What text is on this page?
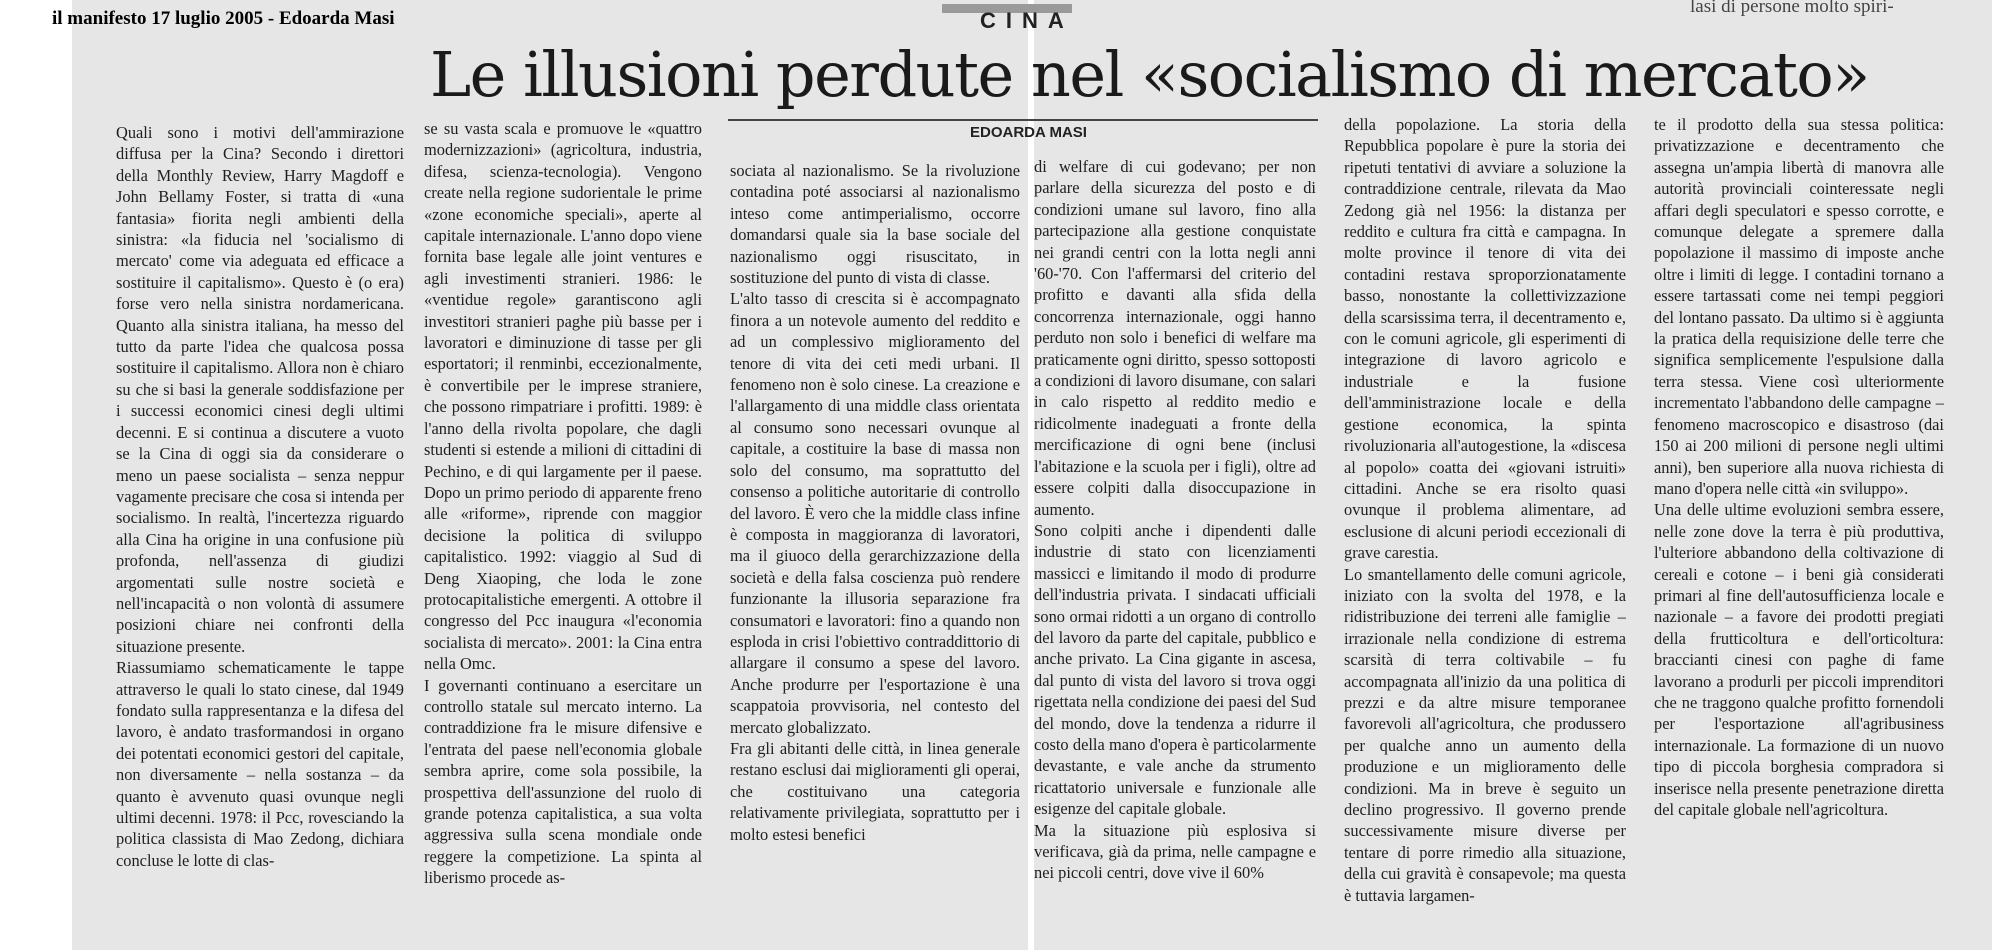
il manifesto 17 luglio 2005 - Edoarda Masi	CINA
lasi di persone molto spiri-
Le illusioni perdute nel «socialismo di mercato»
EDOARDA MASI
Quali sono i motivi dell'ammirazione diffusa per la Cina? Secondo i direttori della Monthly Review, Harry Magdoff e John Bellamy Foster, si tratta di «una fantasia» fiorita negli ambienti della sinistra: «la fiducia nel 'socialismo di mercato' come via adeguata ed efficace a sostituire il capitalismo». Questo è (o era) forse vero nella sinistra nordamericana. Quanto alla sinistra italiana, ha messo del tutto da parte l'idea che qualcosa possa sostituire il capitalismo. Allora non è chiaro su che si basi la generale soddisfazione per i successi economici cinesi degli ultimi decenni. E si continua a discutere a vuoto se la Cina di oggi sia da considerare o meno un paese socialista – senza neppur vagamente precisare che cosa si intenda per socialismo. In realtà, l'incertezza riguardo alla Cina ha origine in una confusione più profonda, nell'assenza di giudizi argomentati sulle nostre società e nell'incapacità o non volontà di assumere posizioni chiare nei confronti della situazione presente.
Riassumiamo schematicamente le tappe attraverso le quali lo stato cinese, dal 1949 fondato sulla rappresentanza e la difesa del lavoro, è andato trasformandosi in organo dei potentati economici gestori del capitale, non diversamente – nella sostanza – da quanto è avvenuto quasi ovunque negli ultimi decenni. 1978: il Pcc, rovesciando la politica classista di Mao Zedong, dichiara concluse le lotte di clas-
se su vasta scala e promuove le «quattro modernizzazioni» (agricoltura, industria, difesa, scienza-tecnologia). Vengono create nella regione sudorientale le prime «zone economiche speciali», aperte al capitale internazionale. L'anno dopo viene fornita base legale alle joint ventures e agli investimenti stranieri. 1986: le «ventidue regole» garantiscono agli investitori stranieri paghe più basse per i lavoratori e diminuzione di tasse per gli esportatori; il renminbi, eccezionalmente, è convertibile per le imprese straniere, che possono rimpatriare i profitti. 1989: è l'anno della rivolta popolare, che dagli studenti si estende a milioni di cittadini di Pechino, e di qui largamente per il paese. Dopo un primo periodo di apparente freno alle «riforme», riprende con maggior decisione la politica di sviluppo capitalistico. 1992: viaggio al Sud di Deng Xiaoping, che loda le zone protocapitalistiche emergenti. A ottobre il congresso del Pcc inaugura «l'economia socialista di mercato». 2001: la Cina entra nella Omc.
I governanti continuano a esercitare un controllo statale sul mercato interno. La contraddizione fra le misure difensive e l'entrata del paese nell'economia globale sembra aprire, come sola possibile, la prospettiva dell'assunzione del ruolo di grande potenza capitalistica, a sua volta aggressiva sulla scena mondiale onde reggere la competizione. La spinta al liberismo procede as-
sociata al nazionalismo. Se la rivoluzione contadina poté associarsi al nazionalismo inteso come antimperialismo, occorre domandarsi quale sia la base sociale del nazionalismo oggi risuscitato, in sostituzione del punto di vista di classe.
L'alto tasso di crescita si è accompagnato finora a un notevole aumento del reddito e ad un complessivo miglioramento del tenore di vita dei ceti medi urbani. Il fenomeno non è solo cinese. La creazione e l'allargamento di una middle class orientata al consumo sono necessari ovunque al capitale, a costituire la base di massa non solo del consumo, ma soprattutto del consenso a politiche autoritarie di controllo del lavoro. È vero che la middle class infine è composta in maggioranza di lavoratori, ma il giuoco della gerarchizzazione della società e della falsa coscienza può rendere funzionante la illusoria separazione fra consumatori e lavoratori: fino a quando non esploda in crisi l'obiettivo contraddittorio di allargare il consumo a spese del lavoro. Anche produrre per l'esportazione è una scappatoia provvisoria, nel contesto del mercato globalizzato.
Fra gli abitanti delle città, in linea generale restano esclusi dai miglioramenti gli operai, che costituivano una categoria relativamente privilegiata, soprattutto per i molto estesi benefici
di welfare di cui godevano; per non parlare della sicurezza del posto e di condizioni umane sul lavoro, fino alla partecipazione alla gestione conquistate nei grandi centri con la lotta negli anni '60-'70. Con l'affermarsi del criterio del profitto e davanti alla sfida della concorrenza internazionale, oggi hanno perduto non solo i benefici di welfare ma praticamente ogni diritto, spesso sottoposti a condizioni di lavoro disumane, con salari in calo rispetto al reddito medio e ridicolmente inadeguati a fronte della mercificazione di ogni bene (inclusi l'abitazione e la scuola per i figli), oltre ad essere colpiti dalla disoccupazione in aumento.
Sono colpiti anche i dipendenti dalle industrie di stato con licenziamenti massicci e limitando il modo di produrre dell'industria privata. I sindacati ufficiali sono ormai ridotti a un organo di controllo del lavoro da parte del capitale, pubblico e anche privato. La Cina gigante in ascesa, dal punto di vista del lavoro si trova oggi rigettata nella condizione dei paesi del Sud del mondo, dove la tendenza a ridurre il costo della mano d'opera è particolarmente devastante, e vale anche da strumento ricattatorio universale e funzionale alle esigenze del capitale globale.
Ma la situazione più esplosiva si verificava, già da prima, nelle campagne e nei piccoli centri, dove vive il 60%
della popolazione. La storia della Repubblica popolare è pure la storia dei ripetuti tentativi di avviare a soluzione la contraddizione centrale, rilevata da Mao Zedong già nel 1956: la distanza per reddito e cultura fra città e campagna. In molte province il tenore di vita dei contadini restava sproporzionatamente basso, nonostante la collettivizzazione della scarsissima terra, il decentramento e, con le comuni agricole, gli esperimenti di integrazione di lavoro agricolo e industriale e la fusione dell'amministrazione locale e della gestione economica, la spinta rivoluzionaria all'autogestione, la «discesa al popolo» coatta dei «giovani istruiti» cittadini. Anche se era risolto quasi ovunque il problema alimentare, ad esclusione di alcuni periodi eccezionali di grave carestia.
Lo smantellamento delle comuni agricole, iniziato con la svolta del 1978, e la ridistribuzione dei terreni alle famiglie – irrazionale nella condizione di estrema scarsità di terra coltivabile – fu accompagnata all'inizio da una politica di prezzi e da altre misure temporanee favorevoli all'agricoltura, che produssero per qualche anno un aumento della produzione e un miglioramento delle condizioni. Ma in breve è seguito un declino progressivo. Il governo prende successivamente misure diverse per tentare di porre rimedio alla situazione, della cui gravità è consapevole; ma questa è tuttavia largamen-
te il prodotto della sua stessa politica: privatizzazione e decentramento che assegna un'ampia libertà di manovra alle autorità provinciali cointeressate negli affari degli speculatori e spesso corrotte, e comunque delegate a spremere dalla popolazione il massimo di imposte anche oltre i limiti di legge. I contadini tornano a essere tartassati come nei tempi peggiori del lontano passato. Da ultimo si è aggiunta la pratica della requisizione delle terre che significa semplicemente l'espulsione dalla terra stessa. Viene così ulteriormente incrementato l'abbandono delle campagne – fenomeno macroscopico e disastroso (dai 150 ai 200 milioni di persone negli ultimi anni), ben superiore alla nuova richiesta di mano d'opera nelle città «in sviluppo».
Una delle ultime evoluzioni sembra essere, nelle zone dove la terra è più produttiva, l'ulteriore abbandono della coltivazione di cereali e cotone – i beni già considerati primari al fine dell'autosufficienza locale e nazionale – a favore dei prodotti pregiati della frutticoltura e dell'orticoltura: braccianti cinesi con paghe di fame lavorano a produrli per piccoli imprenditori che ne traggono qualche profitto fornendoli per l'esportazione all'agribusiness internazionale. La formazione di un nuovo tipo di piccola borghesia compradora si inserisce nella presente penetrazione diretta del capitale globale nell'agricoltura.
